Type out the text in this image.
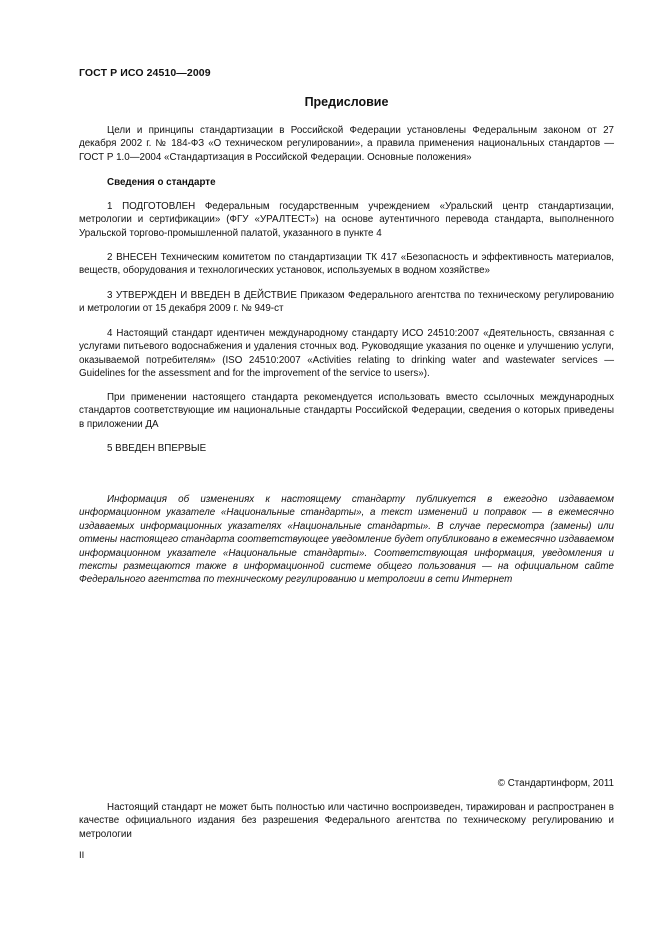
ГОСТ Р ИСО 24510—2009
Предисловие

Цели и принципы стандартизации в Российской Федерации установлены Федеральным законом от 27 декабря 2002 г. № 184-ФЗ «О техническом регулировании», а правила применения национальных стандартов — ГОСТ Р 1.0—2004 «Стандартизация в Российской Федерации. Основные положения»

Сведения о стандарте

1 ПОДГОТОВЛЕН Федеральным государственным учреждением «Уральский центр стандартизации, метрологии и сертификации» (ФГУ «УРАЛТЕСТ») на основе аутентичного перевода стандарта, выполненного Уральской торгово-промышленной палатой, указанного в пункте 4

2 ВНЕСЕН Техническим комитетом по стандартизации ТК 417 «Безопасность и эффективность материалов, веществ, оборудования и технологических установок, используемых в водном хозяйстве»

3 УТВЕРЖДЕН И ВВЕДЕН В ДЕЙСТВИЕ Приказом Федерального агентства по техническому регулированию и метрологии от 15 декабря 2009 г. № 949-ст

4 Настоящий стандарт идентичен международному стандарту ИСО 24510:2007 «Деятельность, связанная с услугами питьевого водоснабжения и удаления сточных вод. Руководящие указания по оценке и улучшению услуги, оказываемой потребителям» (ISO 24510:2007 «Activities relating to drinking water and wastewater services — Guidelines for the assessment and for the improvement of the service to users»).

При применении настоящего стандарта рекомендуется использовать вместо ссылочных международных стандартов соответствующие им национальные стандарты Российской Федерации, сведения о которых приведены в приложении ДА

5 ВВЕДЕН ВПЕРВЫЕ

Информация об изменениях к настоящему стандарту публикуется в ежегодно издаваемом информационном указателе «Национальные стандарты», а текст изменений и поправок — в ежемесячно издаваемых информационных указателях «Национальные стандарты». В случае пересмотра (замены) или отмены настоящего стандарта соответствующее уведомление будет опубликовано в ежемесячно издаваемом информационном указателе «Национальные стандарты». Соответствующая информация, уведомления и тексты размещаются также в информационной системе общего пользования — на официальном сайте Федерального агентства по техническому регулированию и метрологии в сети Интернет

© Стандартинформ, 2011

Настоящий стандарт не может быть полностью или частично воспроизведен, тиражирован и распространен в качестве официального издания без разрешения Федерального агентства по техническому регулированию и метрологии

II
